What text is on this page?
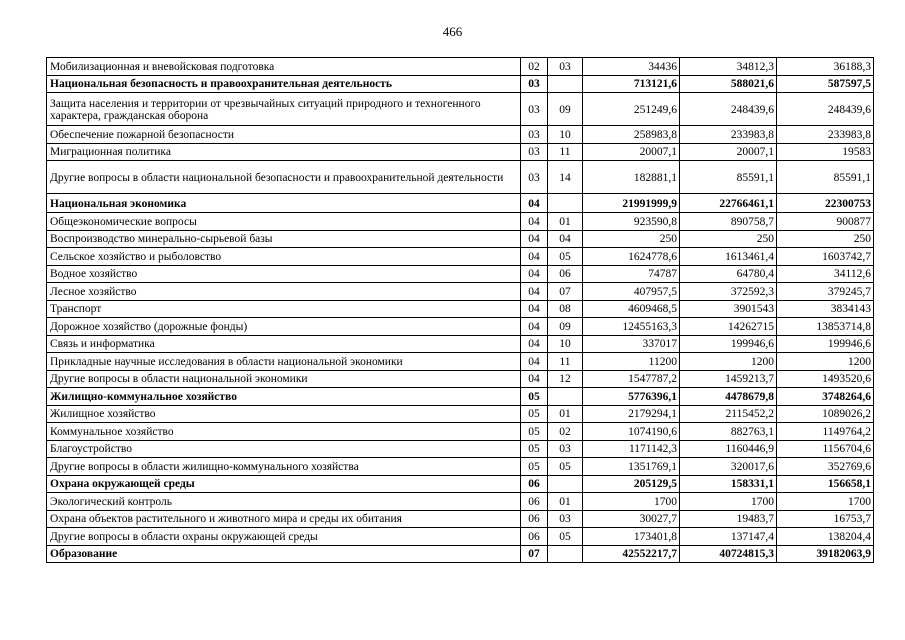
466
Мобилизационная и вневойсковая подготовка	02	03	34436	34812,3	36188,3
Национальная безопасность и правоохранительная деятельность	03		713121,6	588021,6	587597,5
Защита населения и территории от чрезвычайных ситуаций природного и техногенного характера, гражданская оборона	03	09	251249,6	248439,6	248439,6
Обеспечение пожарной безопасности	03	10	258983,8	233983,8	233983,8
Миграционная политика	03	11	20007,1	20007,1	19583
Другие вопросы в области национальной безопасности и правоохранительной деятельности	03	14	182881,1	85591,1	85591,1
Национальная экономика	04		21991999,9	22766461,1	22300753
Общеэкономические вопросы	04	01	923590,8	890758,7	900877
Воспроизводство минерально-сырьевой базы	04	04	250	250	250
Сельское хозяйство и рыболовство	04	05	1624778,6	1613461,4	1603742,7
Водное хозяйство	04	06	74787	64780,4	34112,6
Лесное хозяйство	04	07	407957,5	372592,3	379245,7
Транспорт	04	08	4609468,5	3901543	3834143
Дорожное хозяйство (дорожные фонды)	04	09	12455163,3	14262715	13853714,8
Связь и информатика	04	10	337017	199946,6	199946,6
Прикладные научные исследования в области национальной экономики	04	11	11200	1200	1200
Другие вопросы в области национальной экономики	04	12	1547787,2	1459213,7	1493520,6
Жилищно-коммунальное хозяйство	05		5776396,1	4478679,8	3748264,6
Жилищное хозяйство	05	01	2179294,1	2115452,2	1089026,2
Коммунальное хозяйство	05	02	1074190,6	882763,1	1149764,2
Благоустройство	05	03	1171142,3	1160446,9	1156704,6
Другие вопросы в области жилищно-коммунального хозяйства	05	05	1351769,1	320017,6	352769,6
Охрана окружающей среды	06		205129,5	158331,1	156658,1
Экологический контроль	06	01	1700	1700	1700
Охрана объектов растительного и животного мира и среды их обитания	06	03	30027,7	19483,7	16753,7
Другие вопросы в области охраны окружающей среды	06	05	173401,8	137147,4	138204,4
Образование	07		42552217,7	40724815,3	39182063,9
